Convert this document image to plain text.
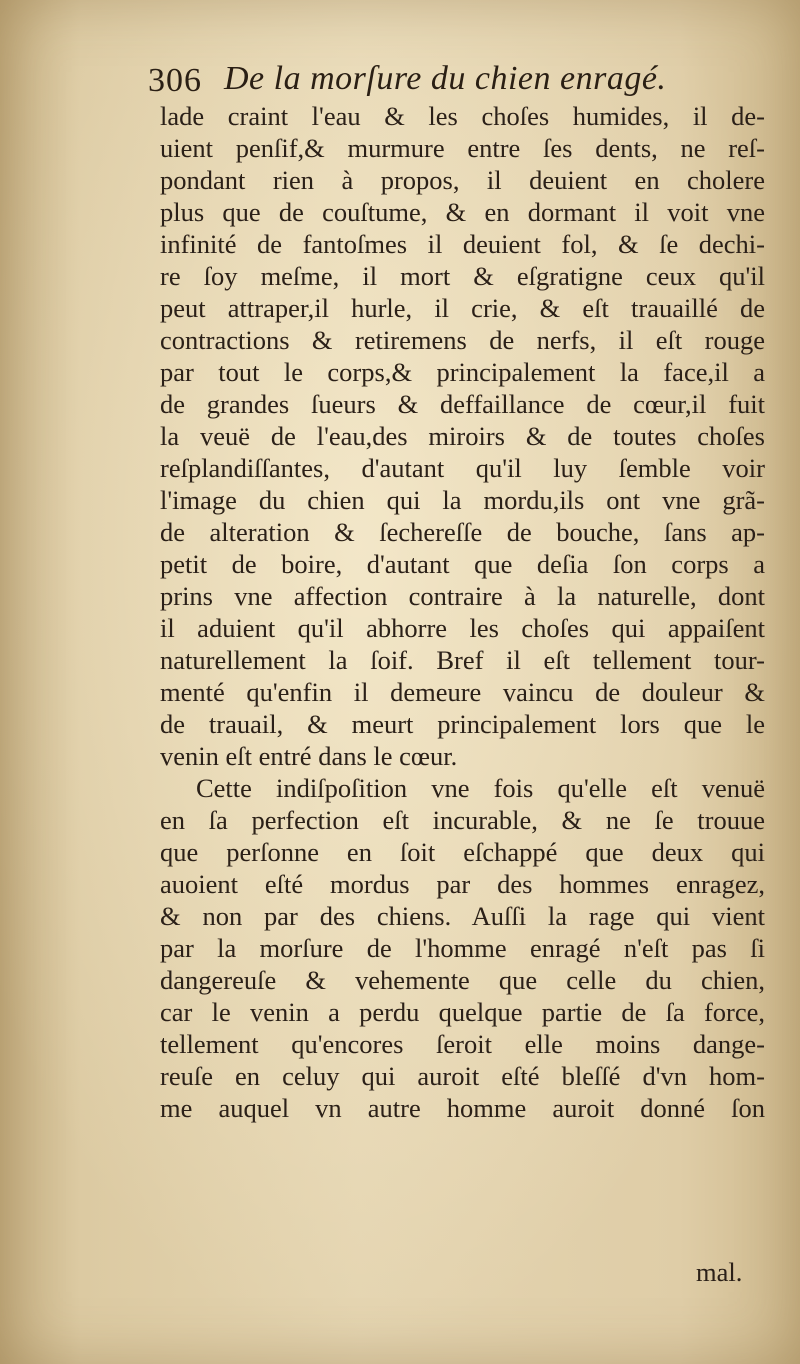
306 De la morſure du chien enragé.
lade craint l'eau & les choſes humides, il de-
uient penſif,& murmure entre ſes dents, ne reſ-
pondant rien à propos, il deuient en cholere
plus que de couſtume, & en dormant il voit vne
infinité de fantoſmes il deuient fol, & ſe dechi-
re ſoy meſme, il mort & eſgratigne ceux qu'il
peut attraper,il hurle, il crie, & eſt trauaillé de
contractions & retiremens de nerfs, il eſt rouge
par tout le corps,& principalement la face,il a
de grandes ſueurs & deffaillance de cœur,il fuit
la veuë de l'eau,des miroirs & de toutes choſes
reſplandiſſantes, d'autant qu'il luy ſemble voir
l'image du chien qui la mordu,ils ont vne grã-
de alteration & ſechereſſe de bouche, ſans ap-
petit de boire, d'autant que deſia ſon corps a
prins vne affection contraire à la naturelle, dont
il aduient qu'il abhorre les choſes qui appaiſent
naturellement la ſoif. Bref il eſt tellement tour-
menté qu'enfin il demeure vaincu de douleur &
de trauail, & meurt principalement lors que le
venin eſt entré dans le cœur.
Cette indiſpoſition vne fois qu'elle eſt venuë
en ſa perfection eſt incurable, & ne ſe trouue
que perſonne en ſoit eſchappé que deux qui
auoient eſté mordus par des hommes enragez,
& non par des chiens. Auſſi la rage qui vient
par la morſure de l'homme enragé n'eſt pas ſi
dangereuſe & vehemente que celle du chien,
car le venin a perdu quelque partie de ſa force,
tellement qu'encores ſeroit elle moins dange-
reuſe en celuy qui auroit eſté bleſſé d'vn hom-
me auquel vn autre homme auroit donné ſon
mal.
